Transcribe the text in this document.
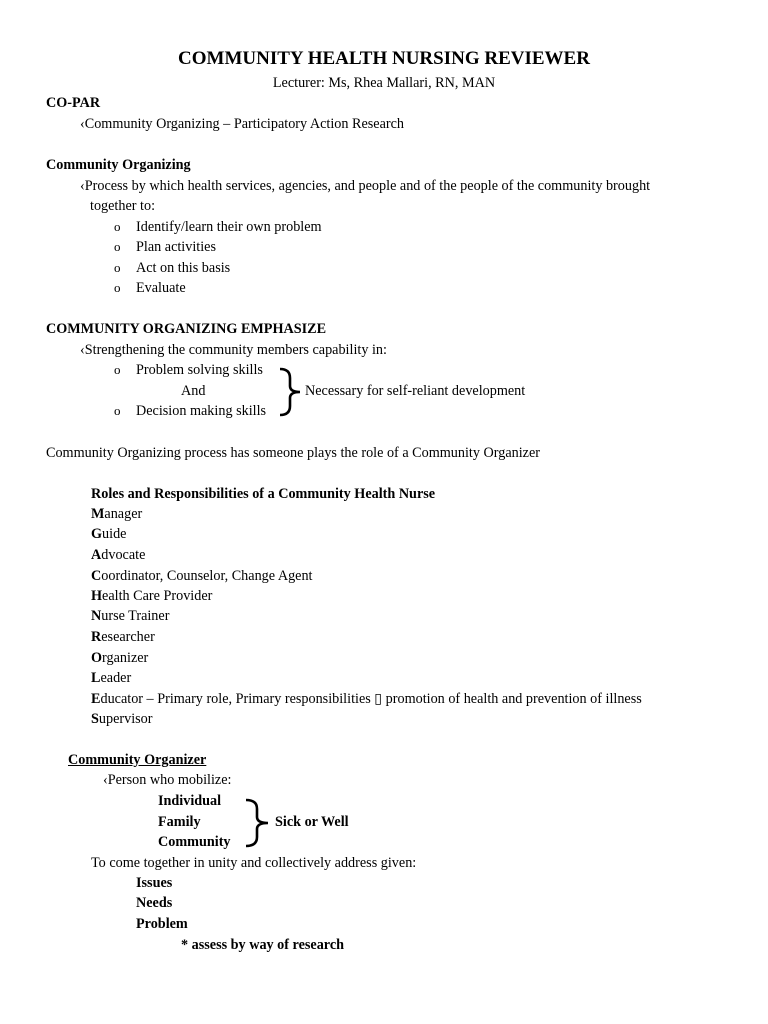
COMMUNITY HEALTH NURSING REVIEWER
Lecturer: Ms, Rhea Mallari, RN, MAN
CO-PAR
‹Community Organizing – Participatory Action Research
Community Organizing
‹Process by which health services, agencies, and people and of the people of the community brought
together to:
o Identify/learn their own problem
o Plan activities
o Act on this basis
o Evaluate
COMMUNITY ORGANIZING EMPHASIZE
‹Strengthening the community members capability in:
o Problem solving skills
And
o Decision making skills
Necessary for self-reliant development
Community Organizing process has someone plays the role of a Community Organizer
Roles and Responsibilities of a Community Health Nurse
Manager
Guide
Advocate
Coordinator, Counselor, Change Agent
Health Care Provider
Nurse Trainer
Researcher
Organizer
Leader
Educator – Primary role, Primary responsibilities ▯ promotion of health and prevention of illness
Supervisor
Community Organizer
‹Person who mobilize:
Individual
Family
Community
Sick or Well
To come together in unity and collectively address given:
Issues
Needs
Problem
* assess by way of research
